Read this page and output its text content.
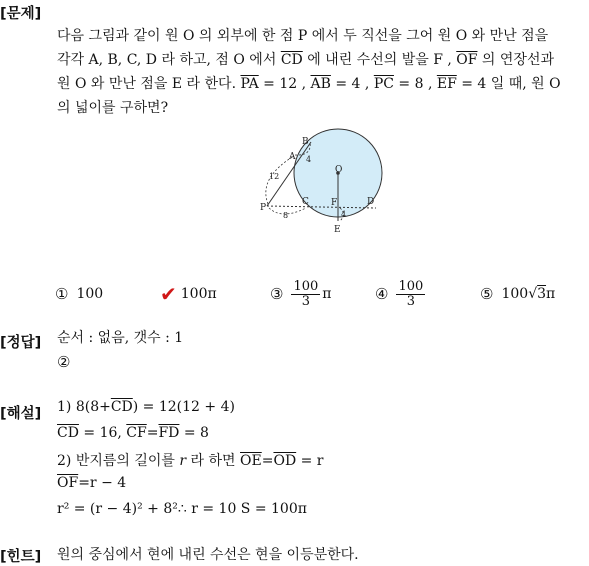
[문제]
[정답]
[해설]
[힌트]
다음 그림과 같이 원 O 의 외부에 한 점 P 에서 두 직선을 그어 원 O 와 만난 점을
각각 A, B, C, D 라 하고, 점 O 에서 $\overline{CD}$ 에 내린 수선의 발을 F , $\overline{OF}$ 의 연장선과
원 O 와 만난 점을 E 라 한다. $\overline{PA} = 12$ , $\overline{AB} = 4$ , $\overline{PC} = 8$ , $\overline{EF} = 4$ 일 때, 원 O
의 넓이를 구하면?
B
A
O
P
C F	D
E
12
4
8	4
① 100	✔ 100π	③ $\frac{100}{3}$ π	④ $\frac{100}{3}$	⑤ 100√3π
순서 : 없음, 갯수 : 1
②
1) $8(8+\overline{CD}) = 12(12 + 4)$
$\overline{CD} = 16$, $\overline{CF}=\overline{FD} = 8$
2) 반지름의 길이를 r 라 하면 $\overline{OE}=\overline{OD} = r$
$\overline{OF}=r - 4$
r² = (r − 4)² + 8²∴ r = 10 S = 100π
원의 중심에서 현에 내린 수선은 현을 이등분한다.
